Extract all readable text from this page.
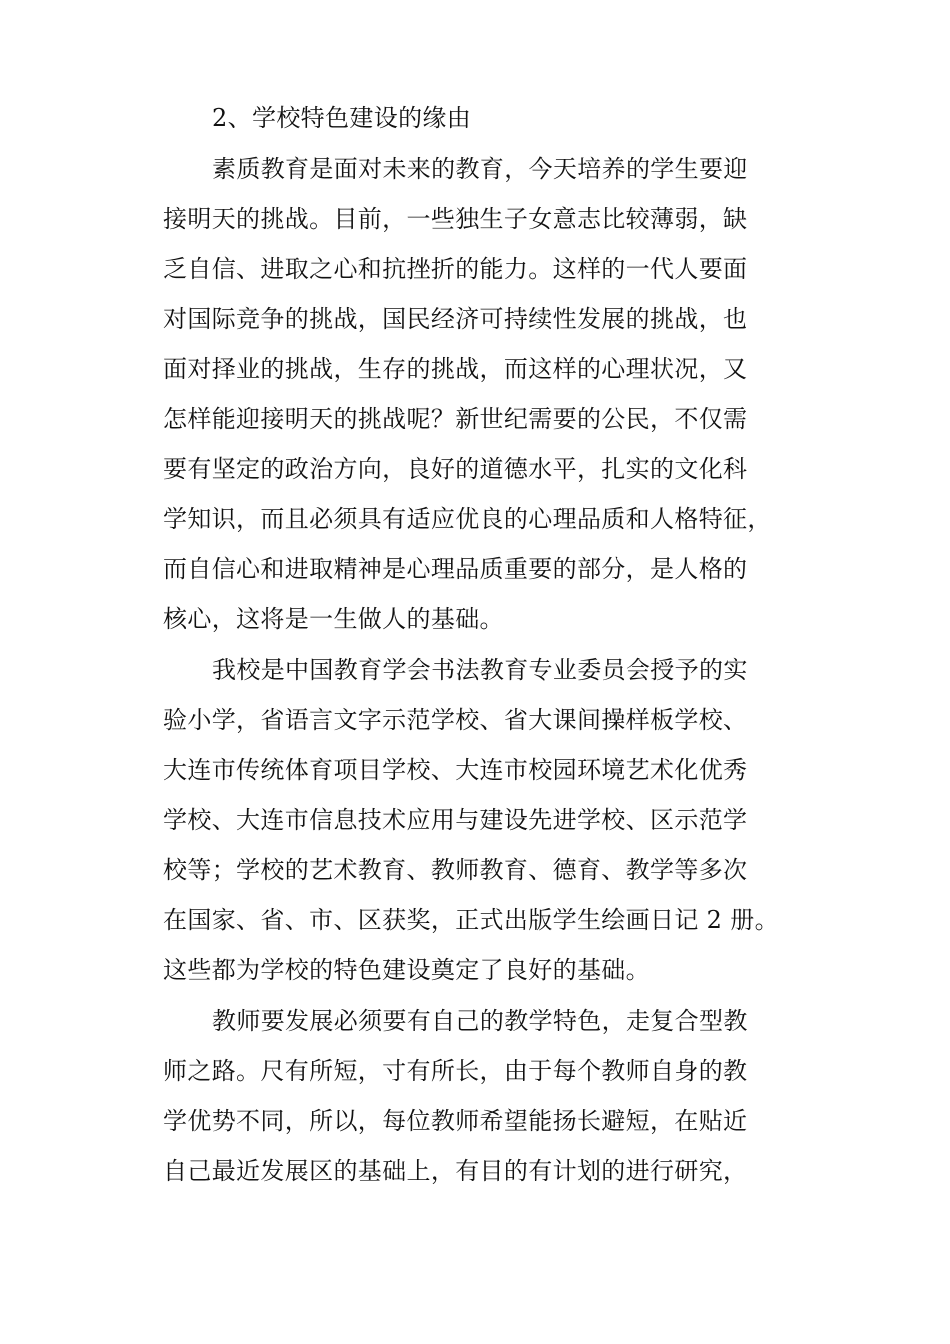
2、学校特色建设的缘由
素质教育是面对未来的教育，今天培养的学生要迎
接明天的挑战。目前，一些独生子女意志比较薄弱，缺
乏自信、进取之心和抗挫折的能力。这样的一代人要面
对国际竞争的挑战，国民经济可持续性发展的挑战，也
面对择业的挑战，生存的挑战，而这样的心理状况，又
怎样能迎接明天的挑战呢？新世纪需要的公民，不仅需
要有坚定的政治方向，良好的道德水平，扎实的文化科
学知识，而且必须具有适应优良的心理品质和人格特征，
而自信心和进取精神是心理品质重要的部分，是人格的
核心，这将是一生做人的基础。
我校是中国教育学会书法教育专业委员会授予的实
验小学，省语言文字示范学校、省大课间操样板学校、
大连市传统体育项目学校、大连市校园环境艺术化优秀
学校、大连市信息技术应用与建设先进学校、区示范学
校等；学校的艺术教育、教师教育、德育、教学等多次
在国家、省、市、区获奖，正式出版学生绘画日记 2 册。
这些都为学校的特色建设奠定了良好的基础。
教师要发展必须要有自己的教学特色，走复合型教
师之路。尺有所短，寸有所长，由于每个教师自身的教
学优势不同，所以，每位教师希望能扬长避短，在贴近
自己最近发展区的基础上，有目的有计划的进行研究，
